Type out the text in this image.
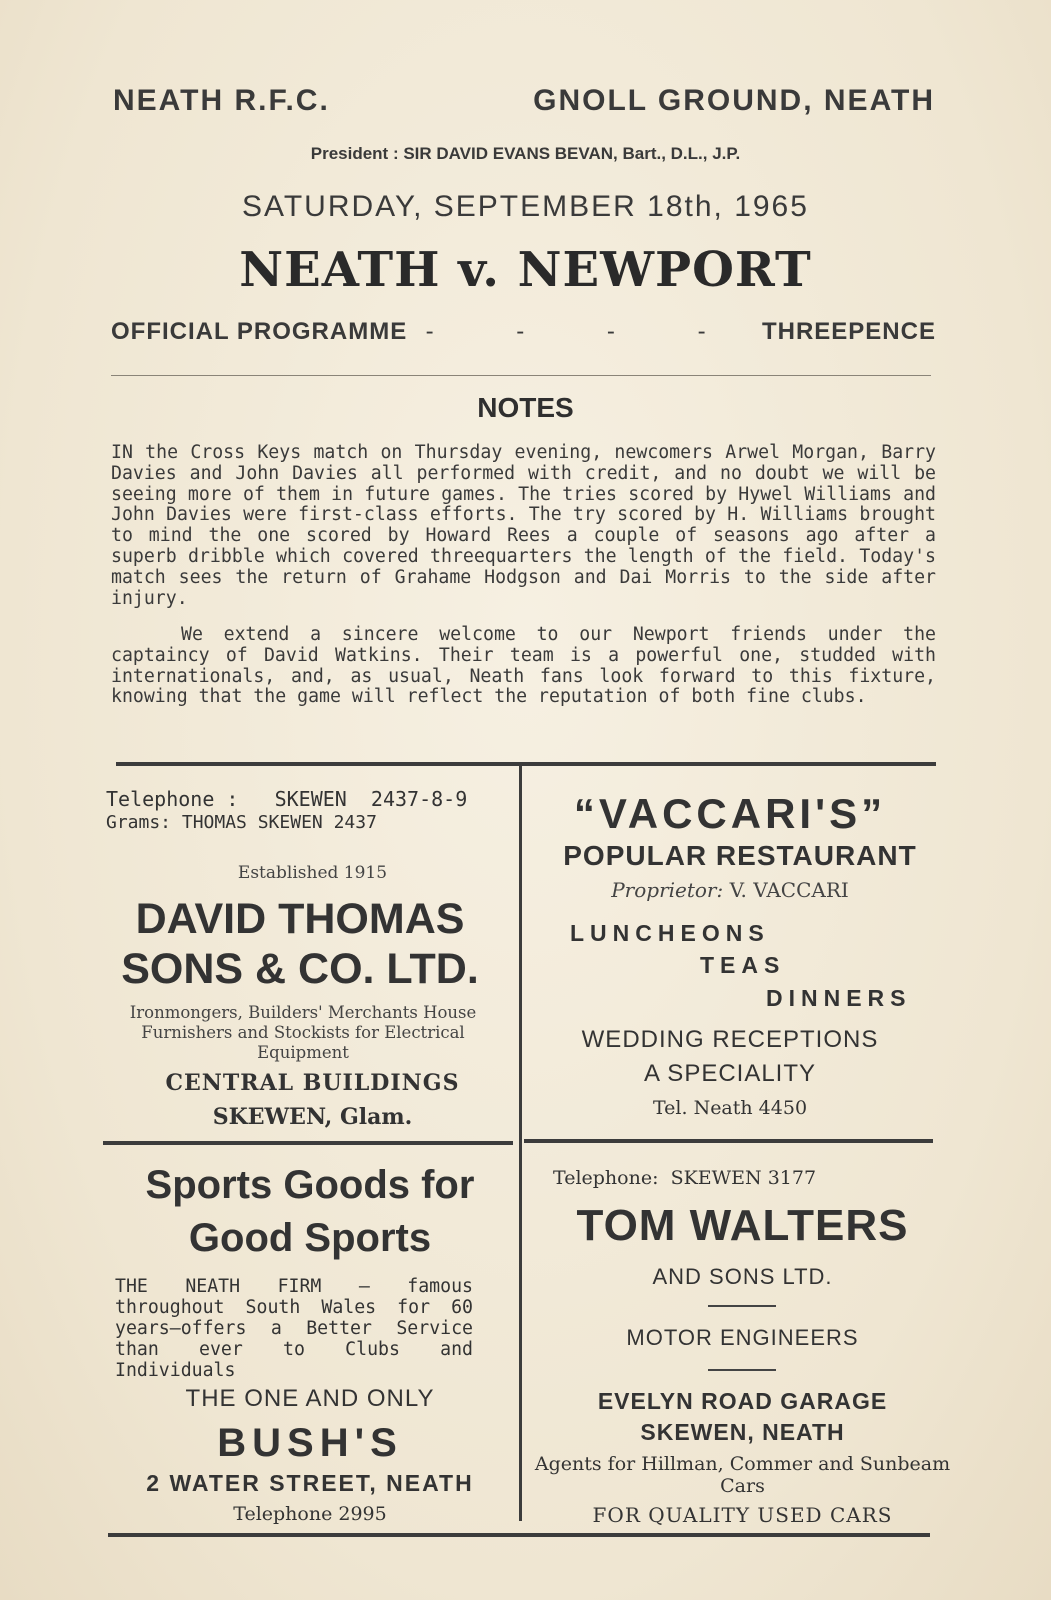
NEATH R.F.C.	GNOLL GROUND, NEATH
President : SIR DAVID EVANS BEVAN, Bart., D.L., J.P.
SATURDAY, SEPTEMBER 18th, 1965
NEATH v. NEWPORT
OFFICIAL PROGRAMME - - - - THREEPENCE
NOTES
IN the Cross Keys match on Thursday evening, newcomers Arwel Morgan, Barry Davies and John Davies all performed with credit, and no doubt we will be seeing more of them in future games. The tries scored by Hywel Williams and John Davies were first-class efforts. The try scored by H. Williams brought to mind the one scored by Howard Rees a couple of seasons ago after a superb dribble which covered threequarters the length of the field. Today's match sees the return of Grahame Hodgson and Dai Morris to the side after injury.
We extend a sincere welcome to our Newport friends under the captaincy of David Watkins. Their team is a powerful one, studded with internationals, and, as usual, Neath fans look forward to this fixture, knowing that the game will reflect the reputation of both fine clubs.
Telephone :   SKEWEN  2437-8-9
Grams: THOMAS SKEWEN 2437
Established 1915
DAVID THOMAS
SONS & CO. LTD.
Ironmongers, Builders' Merchants House Furnishers and Stockists for Electrical Equipment
CENTRAL BUILDINGS
SKEWEN, Glam.
“VACCARI'S”
POPULAR RESTAURANT
Proprietor: V. VACCARI
LUNCHEONS
TEAS
DINNERS
WEDDING RECEPTIONS
A SPECIALITY
Tel. Neath 4450
Sports Goods for
Good Sports
THE NEATH FIRM — famous throughout South Wales for 60 years—offers a Better Service than ever to Clubs and Individuals
THE ONE AND ONLY
BUSH'S
2 WATER STREET, NEATH
Telephone 2995
Telephone:  SKEWEN 3177
TOM WALTERS
AND SONS LTD.
MOTOR ENGINEERS
EVELYN ROAD GARAGE
SKEWEN, NEATH
Agents for Hillman, Commer and Sunbeam Cars
FOR QUALITY USED CARS
